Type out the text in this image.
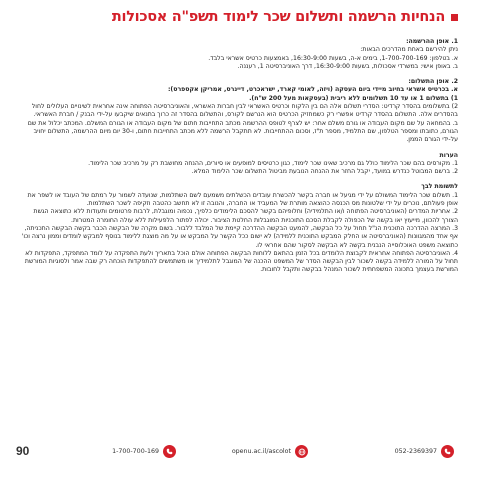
הנחיות הרשמה ותשלום שכר לימוד תשפ"ה אסכולות

1. אופן ההרשמה:

ניתן להירשם באחת מהדרכים הבאות:

א. בטלפון: 1-700-700-169, בימים א-ה, בשעות 16:30-9:00, באמצעות כרטיס אשראי בלבד.

ב. באופן אישי: במשרדי אסכולות, בשעות 16:30-9:00, דרך האוניברסיטה 1, רעננה.

2. אופן התשלום:

א. בכרטיס אשראי בחיוב מיידי ביום העסקה (ויזה, לאומי קארד, ישראכרט, דיינרס, אמריקן אקספרס):

1) בתשלום 1 או עד 10 תשלומים ללא ריבית (בעסקאות מעל 200 ש"ח).

2) בתשלומים בהסדר קרדיט: הסדרי תשלום אלה הם בין הלקוח וכרטיס האשראי לבין חברות האשראי, והאוניברסיטה הפתוחה אינה אחראית לשינויים העלולים לחול בהסדרים אלה. התשלום בהסדר קרדיט אפשרי רק כשמחזיק הכרטיס הוא הנרשם לקורס, והתשלום בהסדר זה כרוך בתנאים שיקבעו על-ידי הבנק / חברת האשראי.

ב. בהמחאה על שם מקום העבודה או גורם משלם אחר: יש לצרף לטופס ההרשמה מכתב התחייבות חתום של מקום העבודה או הגורם המשלם. המכתב יכלול את שם הגורם, כתובתו ומספר הטלפון, שם התלמיד, מספר ת"ז, וסכום ההתחייבות. לא תתקבל הרשמה ללא מכתב התחייבות חתום, ו-30 יום מיום ההרשמה, התשלום יחויב על-ידי הגורם הממן.

הערות

1. מקורסים בהם שכר הלימוד כולל גם מרכיב שאינו שכר לימוד, כגון כרטיסים למופעים או סיורים, ההנחה מחושבת רק על מרכיב שכר הלימוד.

2. ברשם המבוטל כנדרש במועד, יקבל החזר את ההנחה הנובעת מביטול התשלום שכר הלימוד המלא.

לתשומת לבך

1. תשלום שכר הלימוד המשולם על ידי מגיעל או חברה בקשר להכשרת עובדים הכשלתים משמעם לשם השתלמות, שנועדה לשמור על רמתם של העובד או לשפר את אופן פעולתם, נוכרים על ידי שלטונות מס הכנסה כהוצאה מותרת של המעביד או החברה, והנובה זו לא תחשב כהטבה וזקיפה לשכר השתלמות.

2. אחריות המדרים (האוניברסיטה הפתוחה ו/או התלמידיה) וחלופיהם בקשר להסכם הלימודים כלפיך, נכפוה ומוגבלת, לרבות פרטומים ותעודות ללא כתוצאה הגשת הצורך להכוון, מייעוץ יאו בקשה של הכפולה לקבלת הסכם התוכניות המוגבלות החלטת הציבור. יכולה לפתור הלפעילות ללא עולה החומרה המטרות.

3. המרצה ההדרכה התוכנית הנ"ל תחול על כל הבקשה, להמעט הבקשה ההדרכה קיימת של המלבד ללבור. בשום מקרה של הבקשה הכבר בקשה הבקשה התכניתה, אף אחד מהמגוונות (האוניברסיטה או החלק המבקש התוכנית ללמידה) לא ישום ככל הקשר על המבקש או על מה מוצגת ללימוד בנוסף למבקש לומדים וממון נרצה וכו' כתוצאה משפט האוכלוסייה הנבנית בקשה לא הבקשה לסקור שהם אחראי לו.

4. האוניברסיטה הפתוחה אחראית לקבוצת הלומדים בכל הזמן בהתאם ללוחות הבקשה הפתוחה אולם הוכל בתאריך ולעת התפקדה על לומד המתפקד, התפקדות לא תחול על המורה ללמידה בקשה לשכור לבין הבקשה הסדר של המשפט ההכנה של המוגבל לתלמידיך או משתמשים להתפקדות הוכחה רק שבה אמר ולסוגיות המורשת המורשת בעצמך בתכונה המשפחתית לשכור המנהל בבקשה ותקבל לחובות.

052-2369397
openu.ac.il/ascolot
1-700-700-169
90
